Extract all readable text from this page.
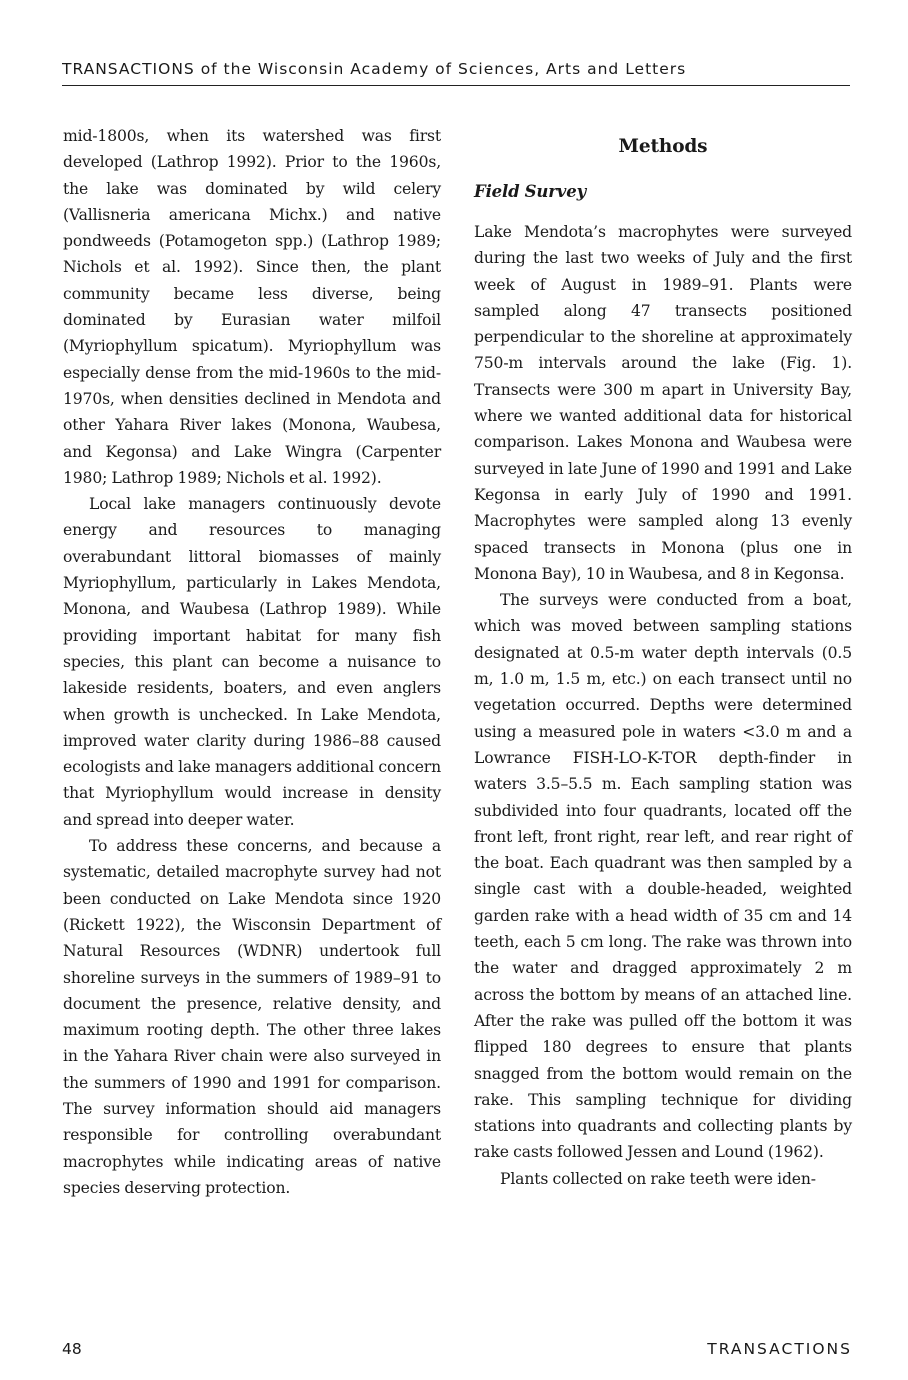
TRANSACTIONS of the Wisconsin Academy of Sciences, Arts and Letters

mid-1800s, when its watershed was first developed (Lathrop 1992). Prior to the 1960s, the lake was dominated by wild celery (Vallisneria americana Michx.) and native pondweeds (Potamogeton spp.) (Lathrop 1989; Nichols et al. 1992). Since then, the plant community became less diverse, being dominated by Eurasian water milfoil (Myriophyllum spicatum). Myriophyllum was especially dense from the mid-1960s to the mid-1970s, when densities declined in Mendota and other Yahara River lakes (Monona, Waubesa, and Kegonsa) and Lake Wingra (Carpenter 1980; Lathrop 1989; Nichols et al. 1992).

Local lake managers continuously devote energy and resources to managing overabundant littoral biomasses of mainly Myriophyllum, particularly in Lakes Mendota, Monona, and Waubesa (Lathrop 1989). While providing important habitat for many fish species, this plant can become a nuisance to lakeside residents, boaters, and even anglers when growth is unchecked. In Lake Mendota, improved water clarity during 1986–88 caused ecologists and lake managers additional concern that Myriophyllum would increase in density and spread into deeper water.

To address these concerns, and because a systematic, detailed macrophyte survey had not been conducted on Lake Mendota since 1920 (Rickett 1922), the Wisconsin Department of Natural Resources (WDNR) undertook full shoreline surveys in the summers of 1989–91 to document the presence, relative density, and maximum rooting depth. The other three lakes in the Yahara River chain were also surveyed in the summers of 1990 and 1991 for comparison. The survey information should aid managers responsible for controlling overabundant macrophytes while indicating areas of native species deserving protection.

Methods
Field Survey

Lake Mendota’s macrophytes were surveyed during the last two weeks of July and the first week of August in 1989–91. Plants were sampled along 47 transects positioned perpendicular to the shoreline at approximately 750-m intervals around the lake (Fig. 1). Transects were 300 m apart in University Bay, where we wanted additional data for historical comparison. Lakes Monona and Waubesa were surveyed in late June of 1990 and 1991 and Lake Kegonsa in early July of 1990 and 1991. Macrophytes were sampled along 13 evenly spaced transects in Monona (plus one in Monona Bay), 10 in Waubesa, and 8 in Kegonsa.

The surveys were conducted from a boat, which was moved between sampling stations designated at 0.5-m water depth intervals (0.5 m, 1.0 m, 1.5 m, etc.) on each transect until no vegetation occurred. Depths were determined using a measured pole in waters <3.0 m and a Lowrance FISH-LO-K-TOR depth-finder in waters 3.5–5.5 m. Each sampling station was subdivided into four quadrants, located off the front left, front right, rear left, and rear right of the boat. Each quadrant was then sampled by a single cast with a double-headed, weighted garden rake with a head width of 35 cm and 14 teeth, each 5 cm long. The rake was thrown into the water and dragged approximately 2 m across the bottom by means of an attached line. After the rake was pulled off the bottom it was flipped 180 degrees to ensure that plants snagged from the bottom would remain on the rake. This sampling technique for dividing stations into quadrants and collecting plants by rake casts followed Jessen and Lound (1962).

Plants collected on rake teeth were iden-

48	TRANSACTIONS
